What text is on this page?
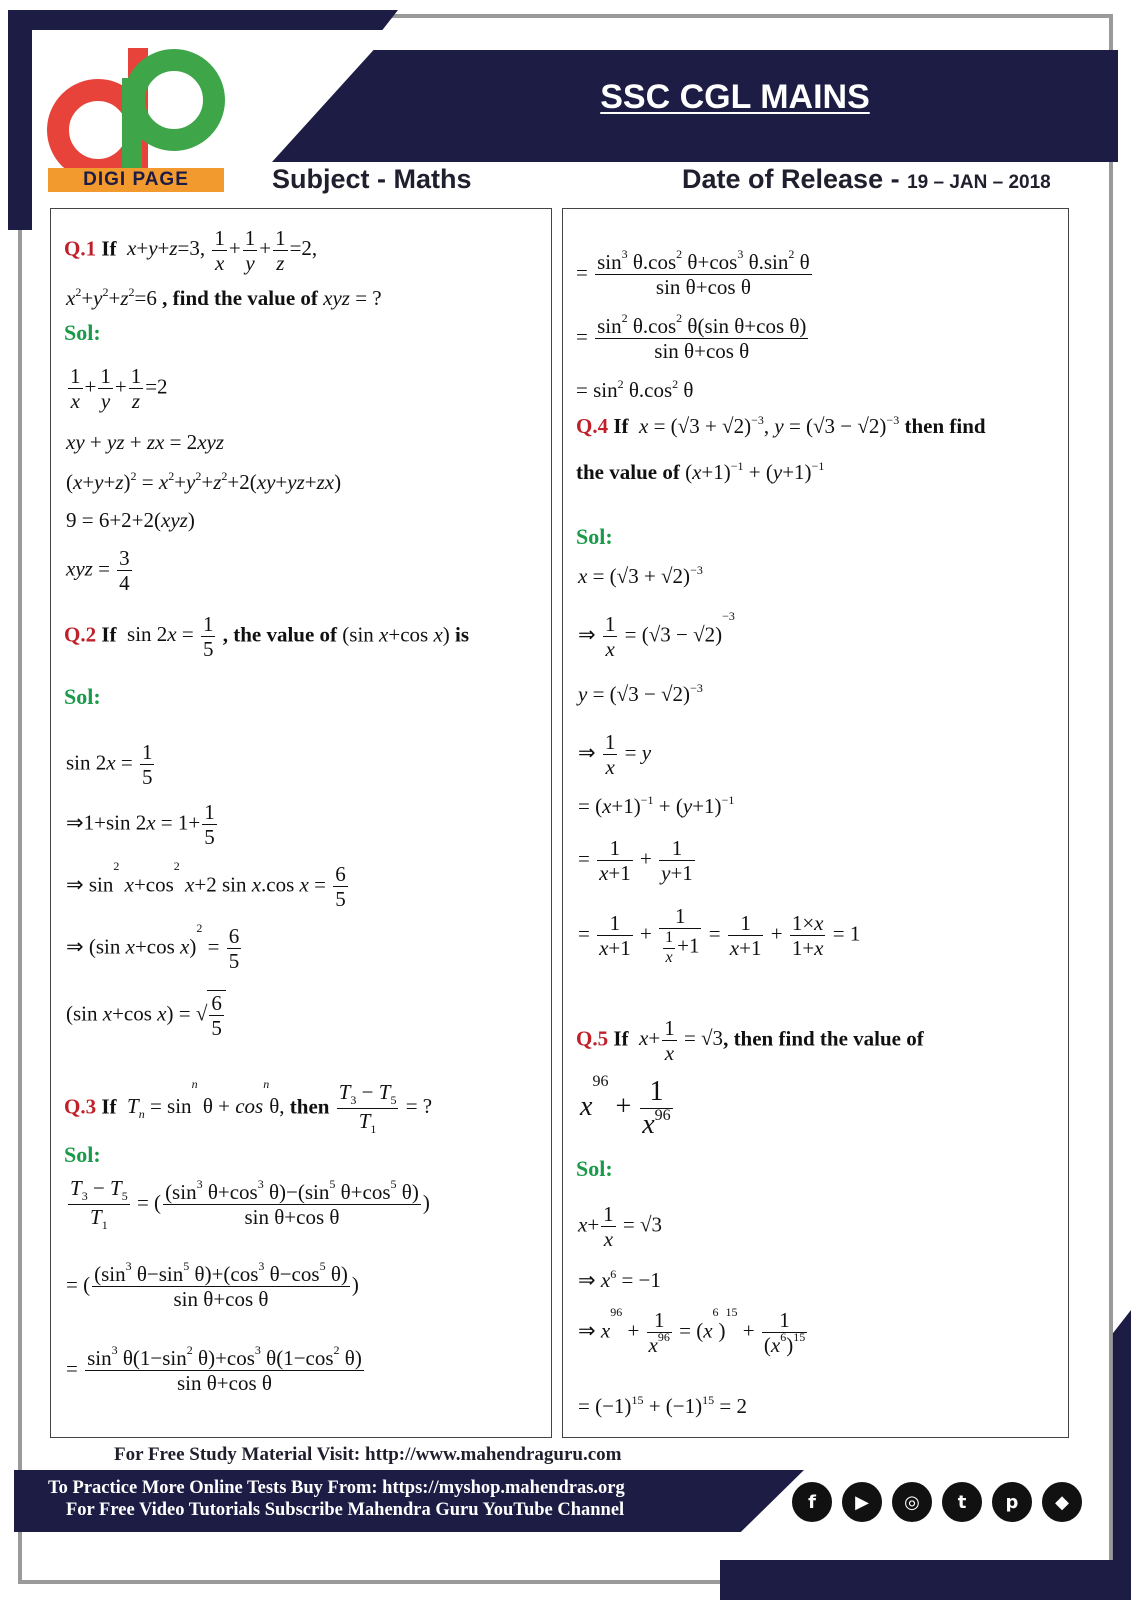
SSC CGL MAINS
DIGI PAGE	Subject - Maths	Date of Release - 19 – JAN – 2018
Q.1 If x+y+z=3, $\frac{1}{x} + \frac{1}{y} + \frac{1}{z} =2$,
$x^2+y^2+z^2=6$ , find the value of xyz = ?
Sol:
$\frac{1}{x} + \frac{1}{y} + \frac{1}{z} =2$
xy + yz + zx = 2xyz
$(x+y+z)^2 = x^2+y^2+z^2+2(xy+yz+zx)$
9 = 6+2+2(xyz)
xyz = $\frac{3}{4}$
Q.2 If  $\sin 2x = \frac{1}{5}$ , the value of (sin x+cos x) is
Sol:
$\sin 2x = \frac{1}{5}$
⇒1+sin $2x = 1+ \frac{1}{5}$
⇒ $\sin^2 x+\cos^2$ x+2 sin x.cos $x = \frac{6}{5}$
⇒ (sin x+cos $x)^2 = \frac{6}{5}$
(sin x+cos x) = √ $\frac{6}{5}$
Q.3 If $T_n = \sin^n \theta + \cos^n\theta$, then $\frac{T_3 - T_5}{T_1}$ = ?
Sol:
$\frac{T_3 - T_5}{T_1}$ = ( $\frac{(\sin^3 \theta+\cos^3 \theta)-(\sin^5 \theta+\cos^5 \theta)}{\text{sin θ+cos θ}}$ )
= ( $\frac{(\sin^3 \theta-\sin^5 \theta)+(\cos^3 \theta-\cos^5 \theta)}{\text{sin θ+cos θ}}$ )
= $\frac{\sin^3 \theta(1-\sin^2 \theta)+\cos^3 \theta(1-\cos^2 \theta)}{\text{sin θ+cos θ}}$
= $\frac{\sin^3 \theta.\cos^2 \theta+\cos^3 \theta.\sin^2 \theta}{\text{sin θ+cos θ}}$
= $\frac{\sin^2 \theta.\cos^2 \theta(\sin \theta+\cos \theta)}{\text{sin θ+cos θ}}$
= $\sin^2 \theta.\cos^2$ θ
Q.4 If $x = (√3 + √2)^{-3}$, $y = (√3 - √2)^{-3}$ then find
the value of $(x+1)^{-1} + (y+1)^{-1}$
Sol:
$x = (√3 + √2)^{-3}$
⇒ $\frac{1}{x} = (√3 - √2)^{-3}$
$y = (√3 - √2)^{-3}$
⇒ $\frac{1}{x} = y$
= $(x+1)^{-1} + (y+1)^{-1}$
= $\frac{1}{x+1} + \frac{1}{y+1}$
= $\frac{1}{x+1} + \frac{1}{\frac{1}{x} +1} = \frac{1}{x+1} + \frac{1\times x}{1+x} = 1$
Q.5 If $x+ \frac{1}{x} = √3$, then find the value of
$x^{96} + \frac{1}{x^{96}}$
Sol:
$x+ \frac{1}{x} = √3$
⇒ $x^6 = -1$
⇒ $x^{96} + \frac{1}{x^{96}} = (x^6)^{15} + \frac{1}{(x^6)^{15}}$
= $(-1)^{15} + (-1)^{15} = 2$
For Free Study Material Visit: http://www.mahendraguru.com
To Practice More Online Tests Buy From: https://myshop.mahendras.org
For Free Video Tutorials Subscribe Mahendra Guru YouTube Channel	f	▶	◎	t	p	◆
